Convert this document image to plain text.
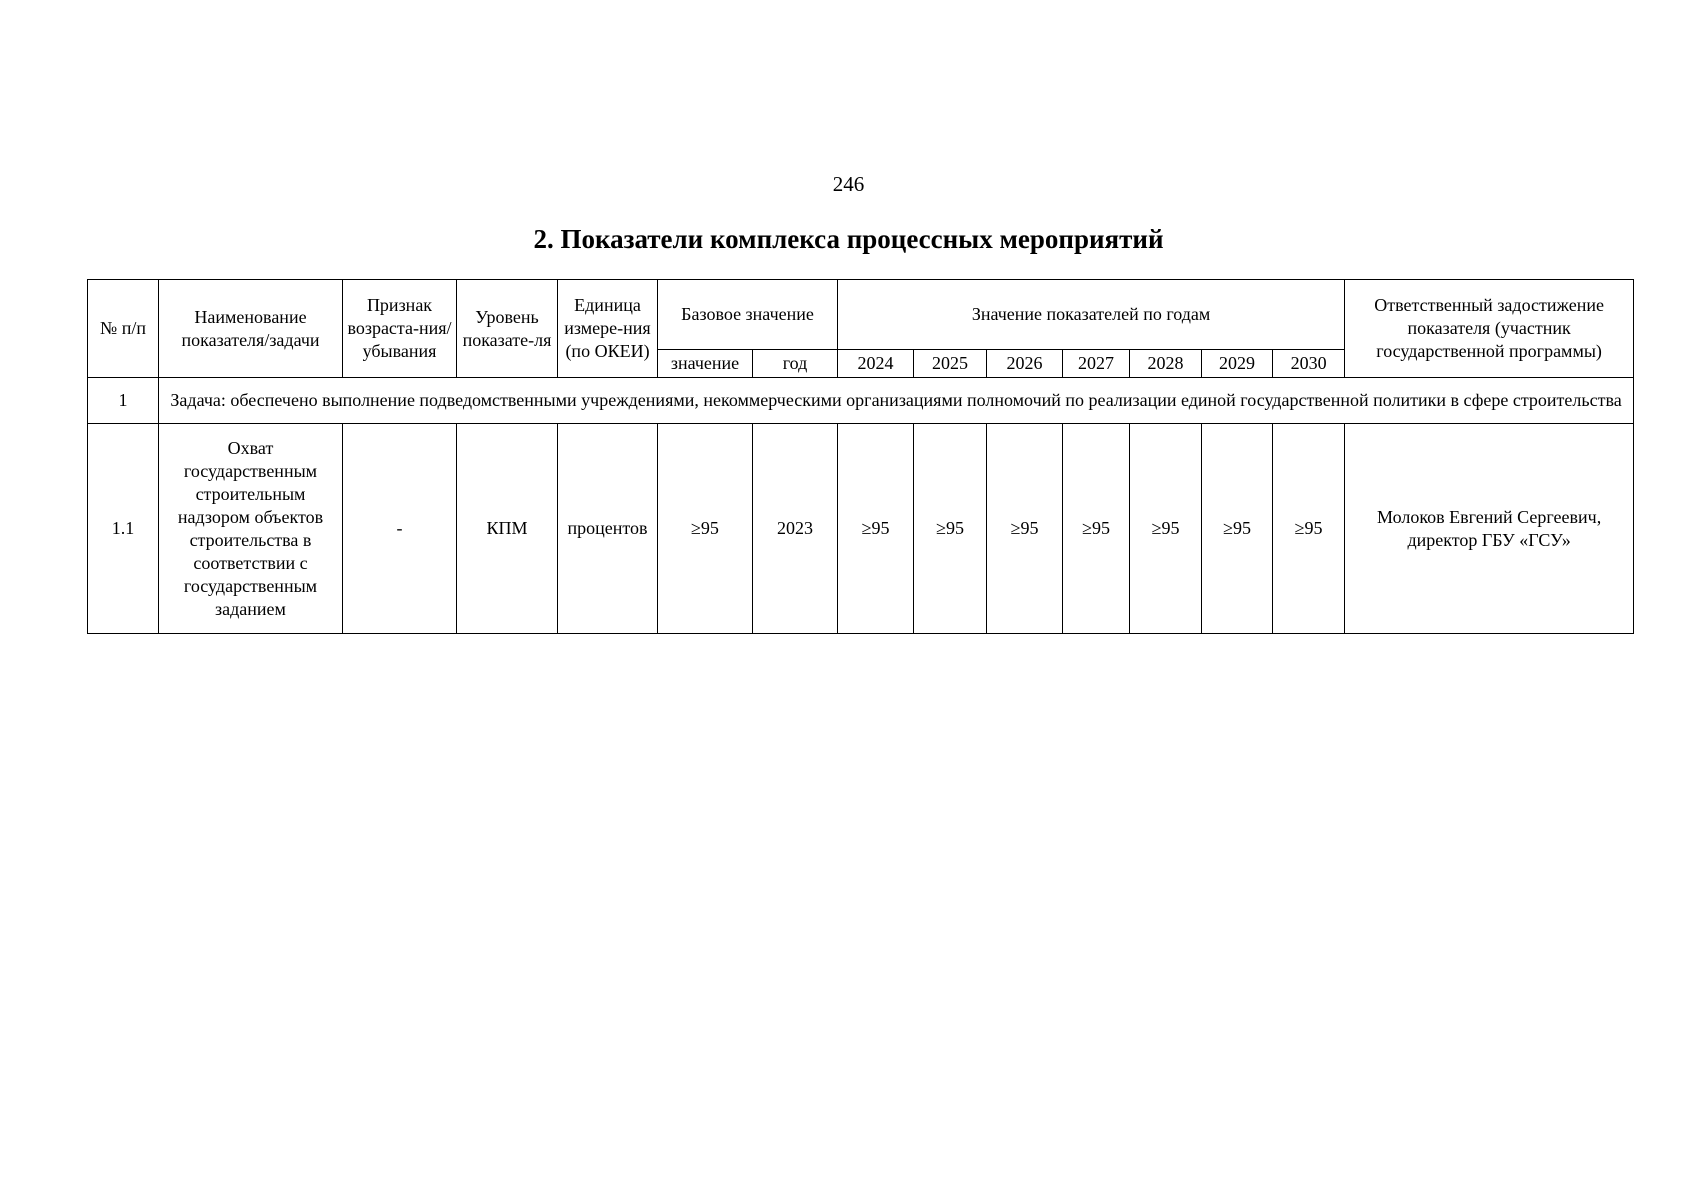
246
2. Показатели комплекса процессных мероприятий
№ п/п	Наименование показателя/задачи	Признак возраста-ния/ убывания	Уровень показате-ля	Единица измере-ния (по ОКЕИ)	Базовое значение		Значение показателей по годам							Ответственный задостижение показателя (участник государственной программы)
					значение	год	2024	2025	2026	2027	2028	2029	2030	
1	Задача: обеспечено выполнение подведомственными учреждениями, некоммерческими организациями полномочий по реализации единой государственной политики в сфере строительства													
1.1	Охват государственным строительным надзором объектов строительства в соответствии с государственным заданием	-	КПМ	процентов	≥95	2023	≥95	≥95	≥95	≥95	≥95	≥95	≥95	Молоков Евгений Сергеевич, директор ГБУ «ГСУ»
